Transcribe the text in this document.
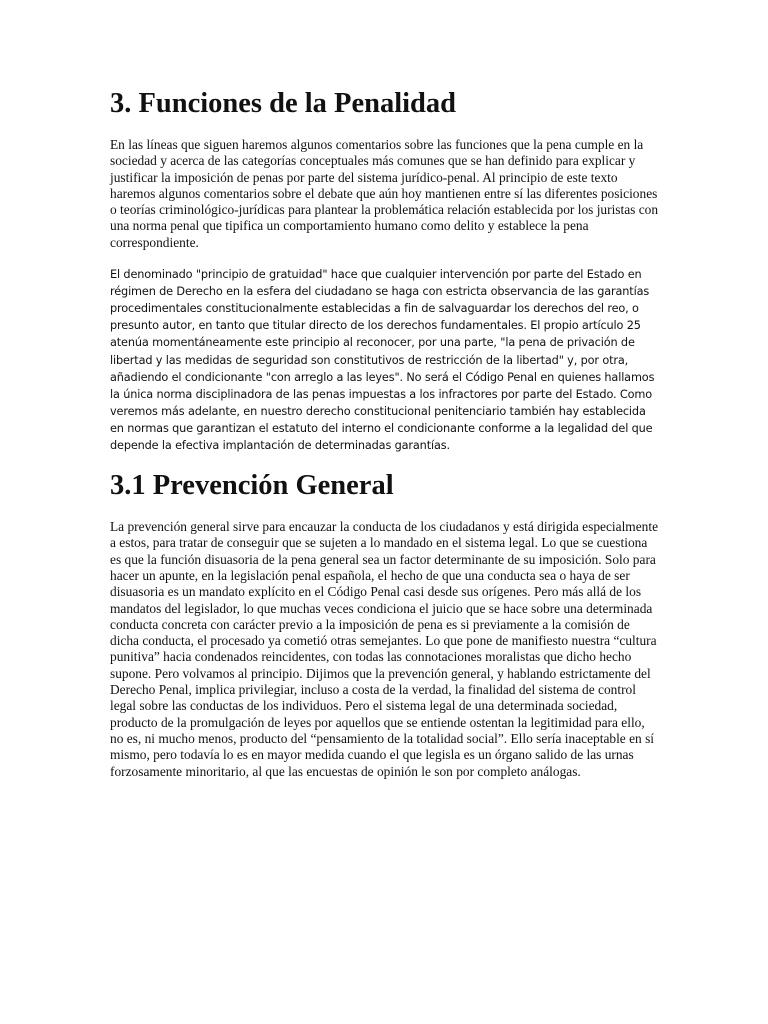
3. Funciones de la Penalidad

En las líneas que siguen haremos algunos comentarios sobre las funciones que la pena cumple en la sociedad y acerca de las categorías conceptuales más comunes que se han definido para explicar y justificar la imposición de penas por parte del sistema jurídico-penal. Al principio de este texto haremos algunos comentarios sobre el debate que aún hoy mantienen entre sí las diferentes posiciones o teorías criminológico-jurídicas para plantear la problemática relación establecida por los juristas con una norma penal que tipifica un comportamiento humano como delito y establece la pena correspondiente.

El denominado "principio de gratuidad" hace que cualquier intervención por parte del Estado en régimen de Derecho en la esfera del ciudadano se haga con estricta observancia de las garantías procedimentales constitucionalmente establecidas a fin de salvaguardar los derechos del reo, o presunto autor, en tanto que titular directo de los derechos fundamentales. El propio artículo 25 atenúa momentáneamente este principio al reconocer, por una parte, "la pena de privación de libertad y las medidas de seguridad son constitutivos de restricción de la libertad" y, por otra, añadiendo el condicionante "con arreglo a las leyes". No será el Código Penal en quienes hallamos la única norma disciplinadora de las penas impuestas a los infractores por parte del Estado. Como veremos más adelante, en nuestro derecho constitucional penitenciario también hay establecida en normas que garantizan el estatuto del interno el condicionante conforme a la legalidad del que depende la efectiva implantación de determinadas garantías.

3.1 Prevención General

La prevención general sirve para encauzar la conducta de los ciudadanos y está dirigida especialmente a estos, para tratar de conseguir que se sujeten a lo mandado en el sistema legal. Lo que se cuestiona es que la función disuasoria de la pena general sea un factor determinante de su imposición. Solo para hacer un apunte, en la legislación penal española, el hecho de que una conducta sea o haya de ser disuasoria es un mandato explícito en el Código Penal casi desde sus orígenes. Pero más allá de los mandatos del legislador, lo que muchas veces condiciona el juicio que se hace sobre una determinada conducta concreta con carácter previo a la imposición de pena es si previamente a la comisión de dicha conducta, el procesado ya cometió otras semejantes. Lo que pone de manifiesto nuestra “cultura punitiva” hacia condenados reincidentes, con todas las connotaciones moralistas que dicho hecho supone. Pero volvamos al principio. Dijimos que la prevención general, y hablando estrictamente del Derecho Penal, implica privilegiar, incluso a costa de la verdad, la finalidad del sistema de control legal sobre las conductas de los individuos. Pero el sistema legal de una determinada sociedad, producto de la promulgación de leyes por aquellos que se entiende ostentan la legitimidad para ello, no es, ni mucho menos, producto del “pensamiento de la totalidad social”. Ello sería inaceptable en sí mismo, pero todavía lo es en mayor medida cuando el que legisla es un órgano salido de las urnas forzosamente minoritario, al que las encuestas de opinión le son por completo análogas.
